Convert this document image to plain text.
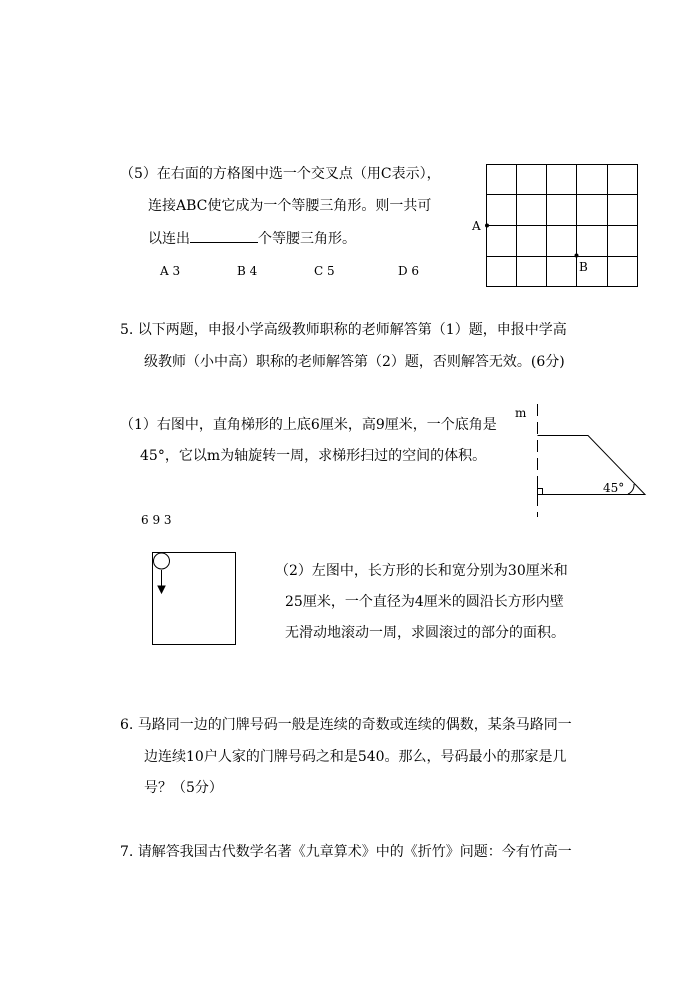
（5）在右面的方格图中选一个交叉点（用C表示），
连接ABC使它成为一个等腰三角形。则一共可
以连出	个等腰三角形。
A 3	B 4	C 5	D 6
A
B
5. 以下两题，申报小学高级教师职称的老师解答第（1）题，申报中学高
级教师（小中高）职称的老师解答第（2）题，否则解答无效。(6分)
（1）右图中，直角梯形的上底6厘米，高9厘米，一个底角是
45°，它以m为轴旋转一周，求梯形扫过的空间的体积。
m
45°
6 9 3
（2）左图中，长方形的长和宽分别为30厘米和
25厘米，一个直径为4厘米的圆沿长方形内壁
无滑动地滚动一周，求圆滚过的部分的面积。
6. 马路同一边的门牌号码一般是连续的奇数或连续的偶数，某条马路同一
边连续10户人家的门牌号码之和是540。那么，号码最小的那家是几
号？（5分）
7. 请解答我国古代数学名著《九章算术》中的《折竹》问题：今有竹高一
